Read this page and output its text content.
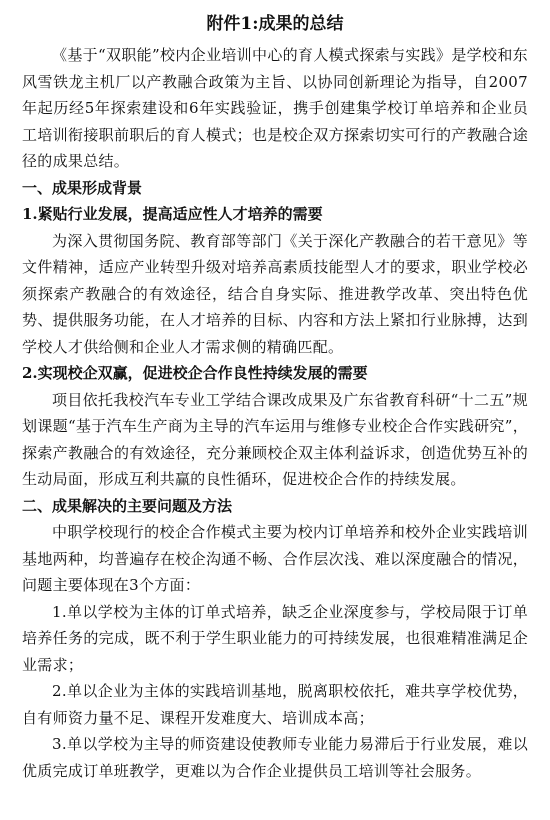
附件1:成果的总结

《基于“双职能”校内企业培训中心的育人模式探索与实践》是学校和东风雪铁龙主机厂以产教融合政策为主旨、以协同创新理论为指导，自2007年起历经5年探索建设和6年实践验证，携手创建集学校订单培养和企业员工培训衔接职前职后的育人模式；也是校企双方探索切实可行的产教融合途径的成果总结。

一、成果形成背景
1.紧贴行业发展，提高适应性人才培养的需要

为深入贯彻国务院、教育部等部门《关于深化产教融合的若干意见》等文件精神，适应产业转型升级对培养高素质技能型人才的要求，职业学校必须探索产教融合的有效途径，结合自身实际、推进教学改革、突出特色优势、提供服务功能，在人才培养的目标、内容和方法上紧扣行业脉搏，达到学校人才供给侧和企业人才需求侧的精确匹配。

2.实现校企双赢，促进校企合作良性持续发展的需要

项目依托我校汽车专业工学结合课改成果及广东省教育科研“十二五”规划课题“基于汽车生产商为主导的汽车运用与维修专业校企合作实践研究”，探索产教融合的有效途径，充分兼顾校企双主体利益诉求，创造优势互补的生动局面，形成互利共赢的良性循环，促进校企合作的持续发展。

二、成果解决的主要问题及方法

中职学校现行的校企合作模式主要为校内订单培养和校外企业实践培训基地两种，均普遍存在校企沟通不畅、合作层次浅、难以深度融合的情况，问题主要体现在3个方面：

1.单以学校为主体的订单式培养，缺乏企业深度参与，学校局限于订单培养任务的完成，既不利于学生职业能力的可持续发展，也很难精准满足企业需求；

2.单以企业为主体的实践培训基地，脱离职校依托，难共享学校优势，自有师资力量不足、课程开发难度大、培训成本高；

3.单以学校为主导的师资建设使教师专业能力易滞后于行业发展，难以优质完成订单班教学，更难以为合作企业提供员工培训等社会服务。
